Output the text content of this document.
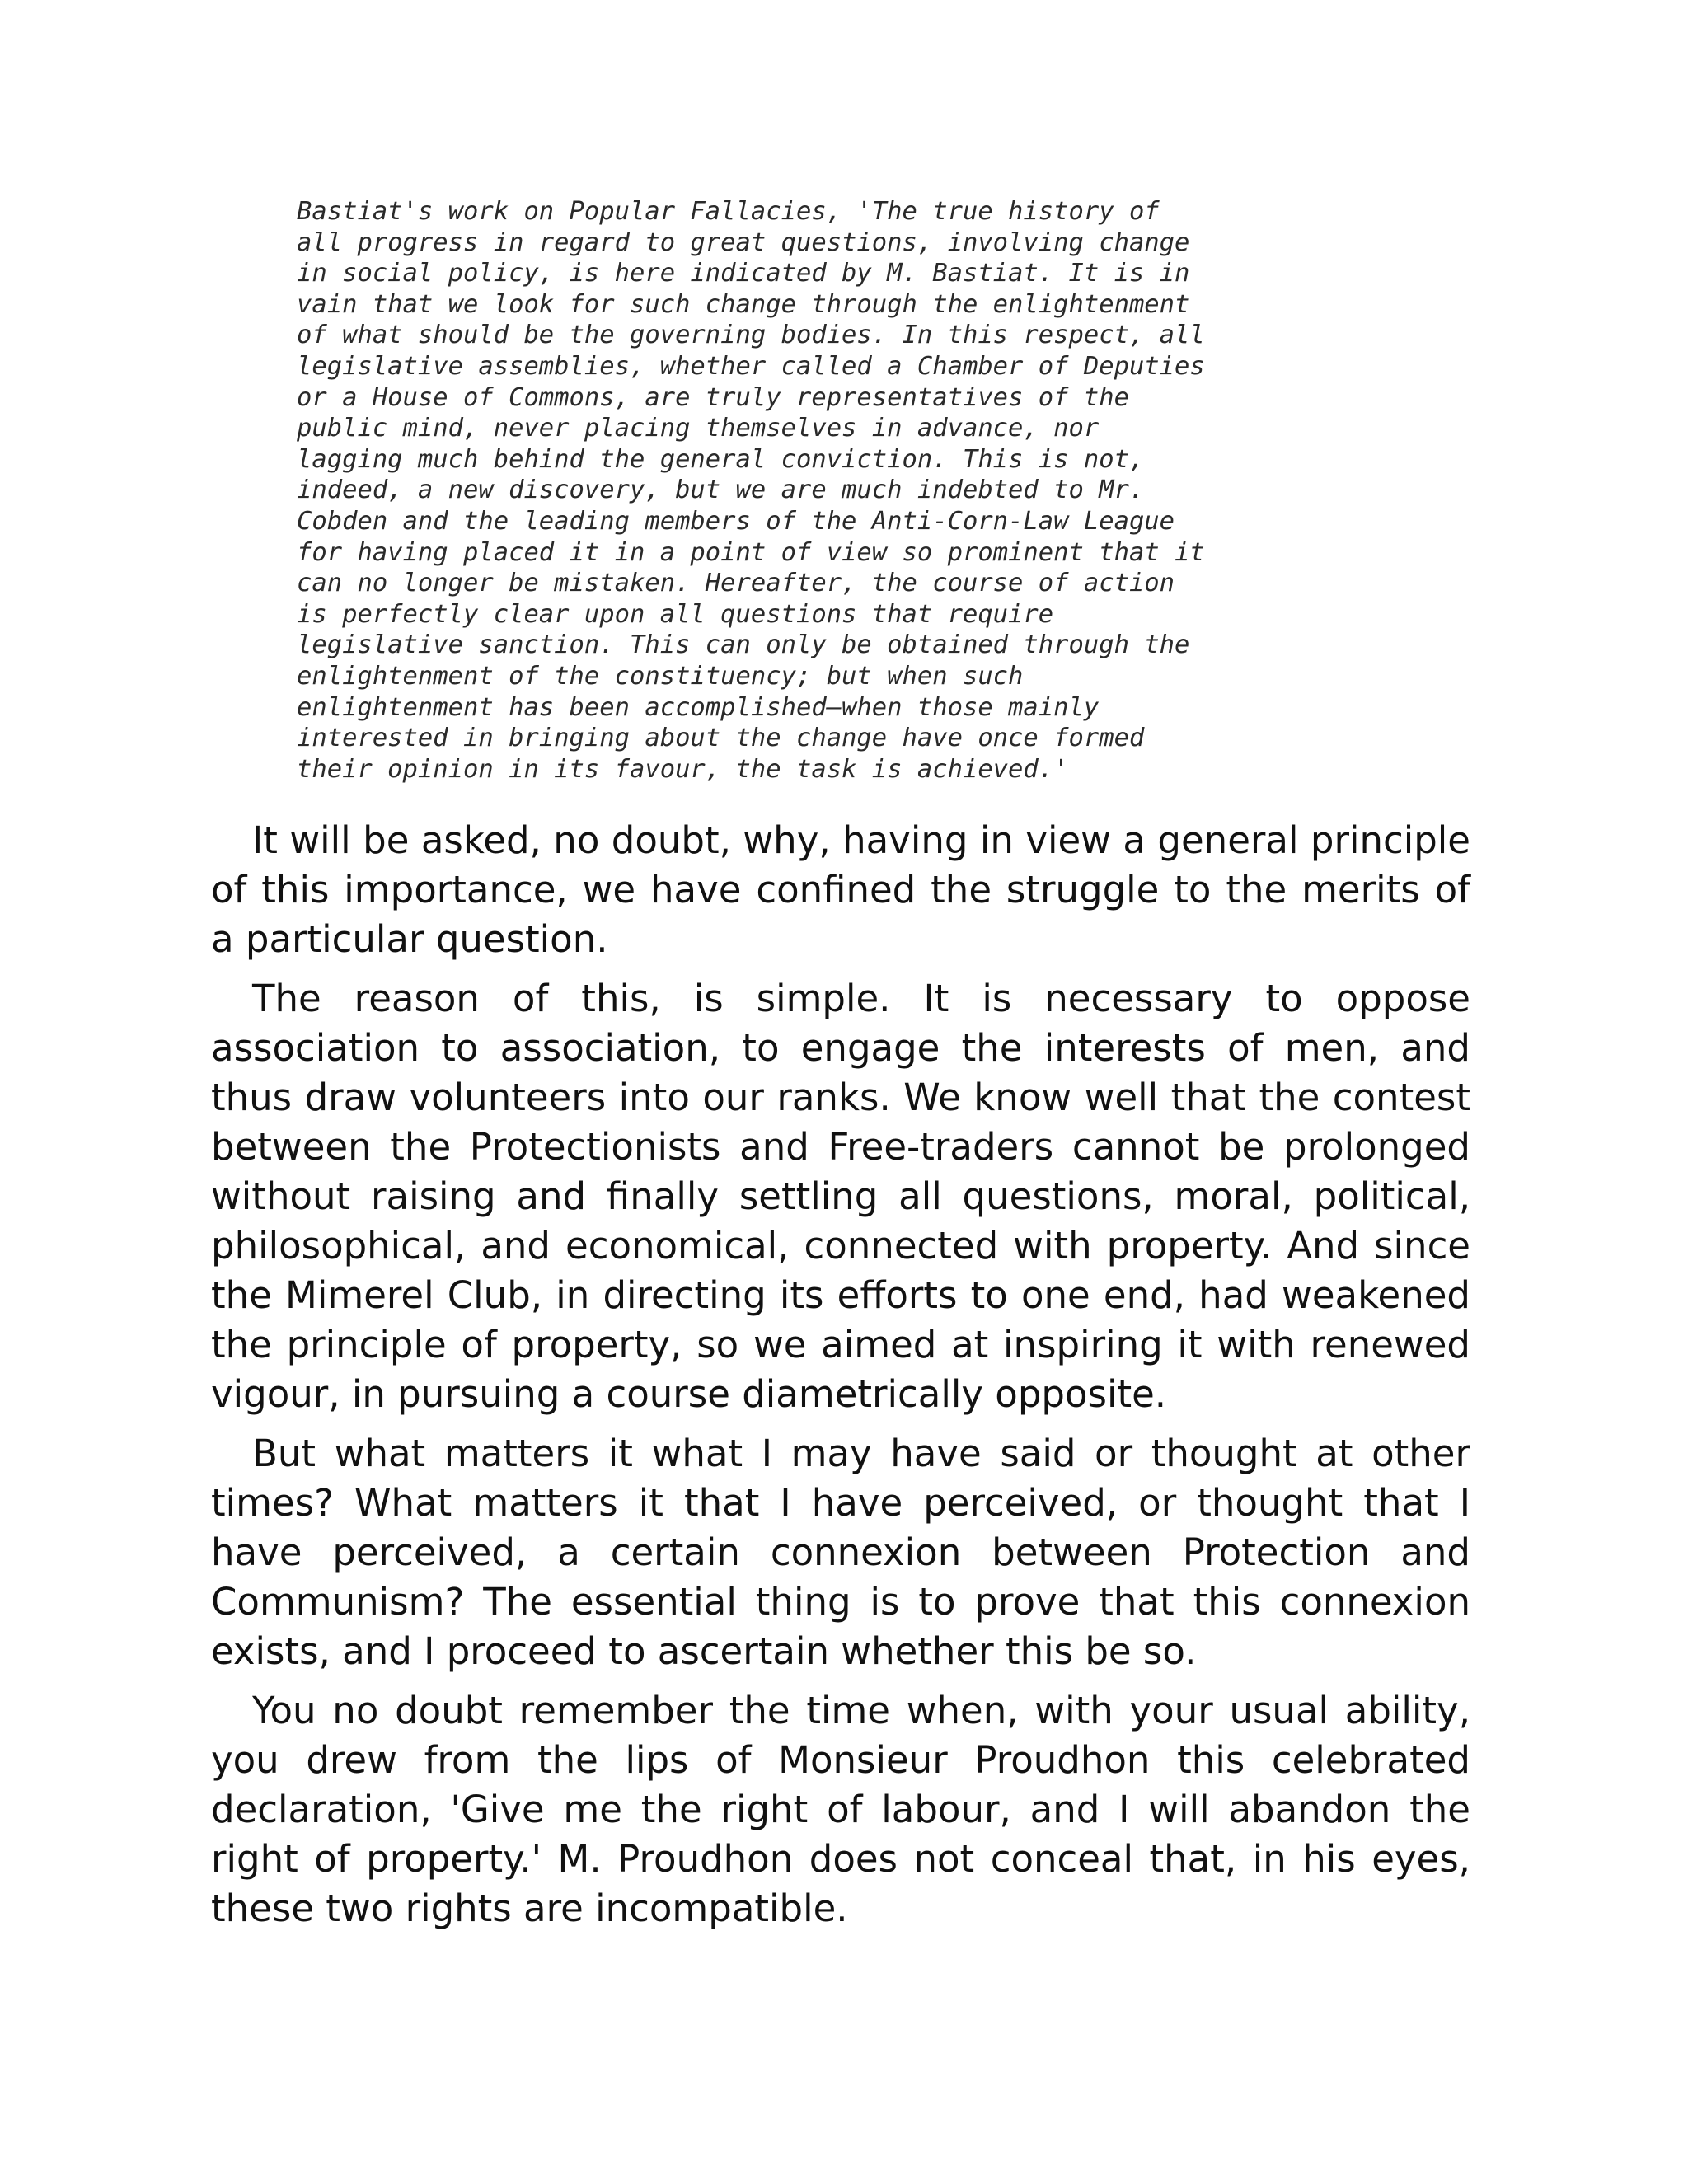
Bastiat's work on Popular Fallacies, 'The true history of
all progress in regard to great questions, involving change
in social policy, is here indicated by M. Bastiat. It is in
vain that we look for such change through the enlightenment
of what should be the governing bodies. In this respect, all
legislative assemblies, whether called a Chamber of Deputies
or a House of Commons, are truly representatives of the
public mind, never placing themselves in advance, nor
lagging much behind the general conviction. This is not,
indeed, a new discovery, but we are much indebted to Mr.
Cobden and the leading members of the Anti-Corn-Law League
for having placed it in a point of view so prominent that it
can no longer be mistaken. Hereafter, the course of action
is perfectly clear upon all questions that require
legislative sanction. This can only be obtained through the
enlightenment of the constituency; but when such
enlightenment has been accomplished—when those mainly
interested in bringing about the change have once formed
their opinion in its favour, the task is achieved.'

It will be asked, no doubt, why, having in view a general principle of this importance, we have confined the struggle to the merits of a particular question.

The reason of this, is simple. It is necessary to oppose association to association, to engage the interests of men, and thus draw volunteers into our ranks. We know well that the contest between the Protectionists and Free-traders cannot be prolonged without raising and finally settling all questions, moral, political, philosophical, and economical, connected with property. And since the Mimerel Club, in directing its efforts to one end, had weakened the principle of property, so we aimed at inspiring it with renewed vigour, in pursuing a course diametrically opposite.

But what matters it what I may have said or thought at other times? What matters it that I have perceived, or thought that I have perceived, a certain connexion between Protection and Communism? The essential thing is to prove that this connexion exists, and I proceed to ascertain whether this be so.

You no doubt remember the time when, with your usual ability, you drew from the lips of Monsieur Proudhon this celebrated declaration, 'Give me the right of labour, and I will abandon the right of property.' M. Proudhon does not conceal that, in his eyes, these two rights are incompatible.
